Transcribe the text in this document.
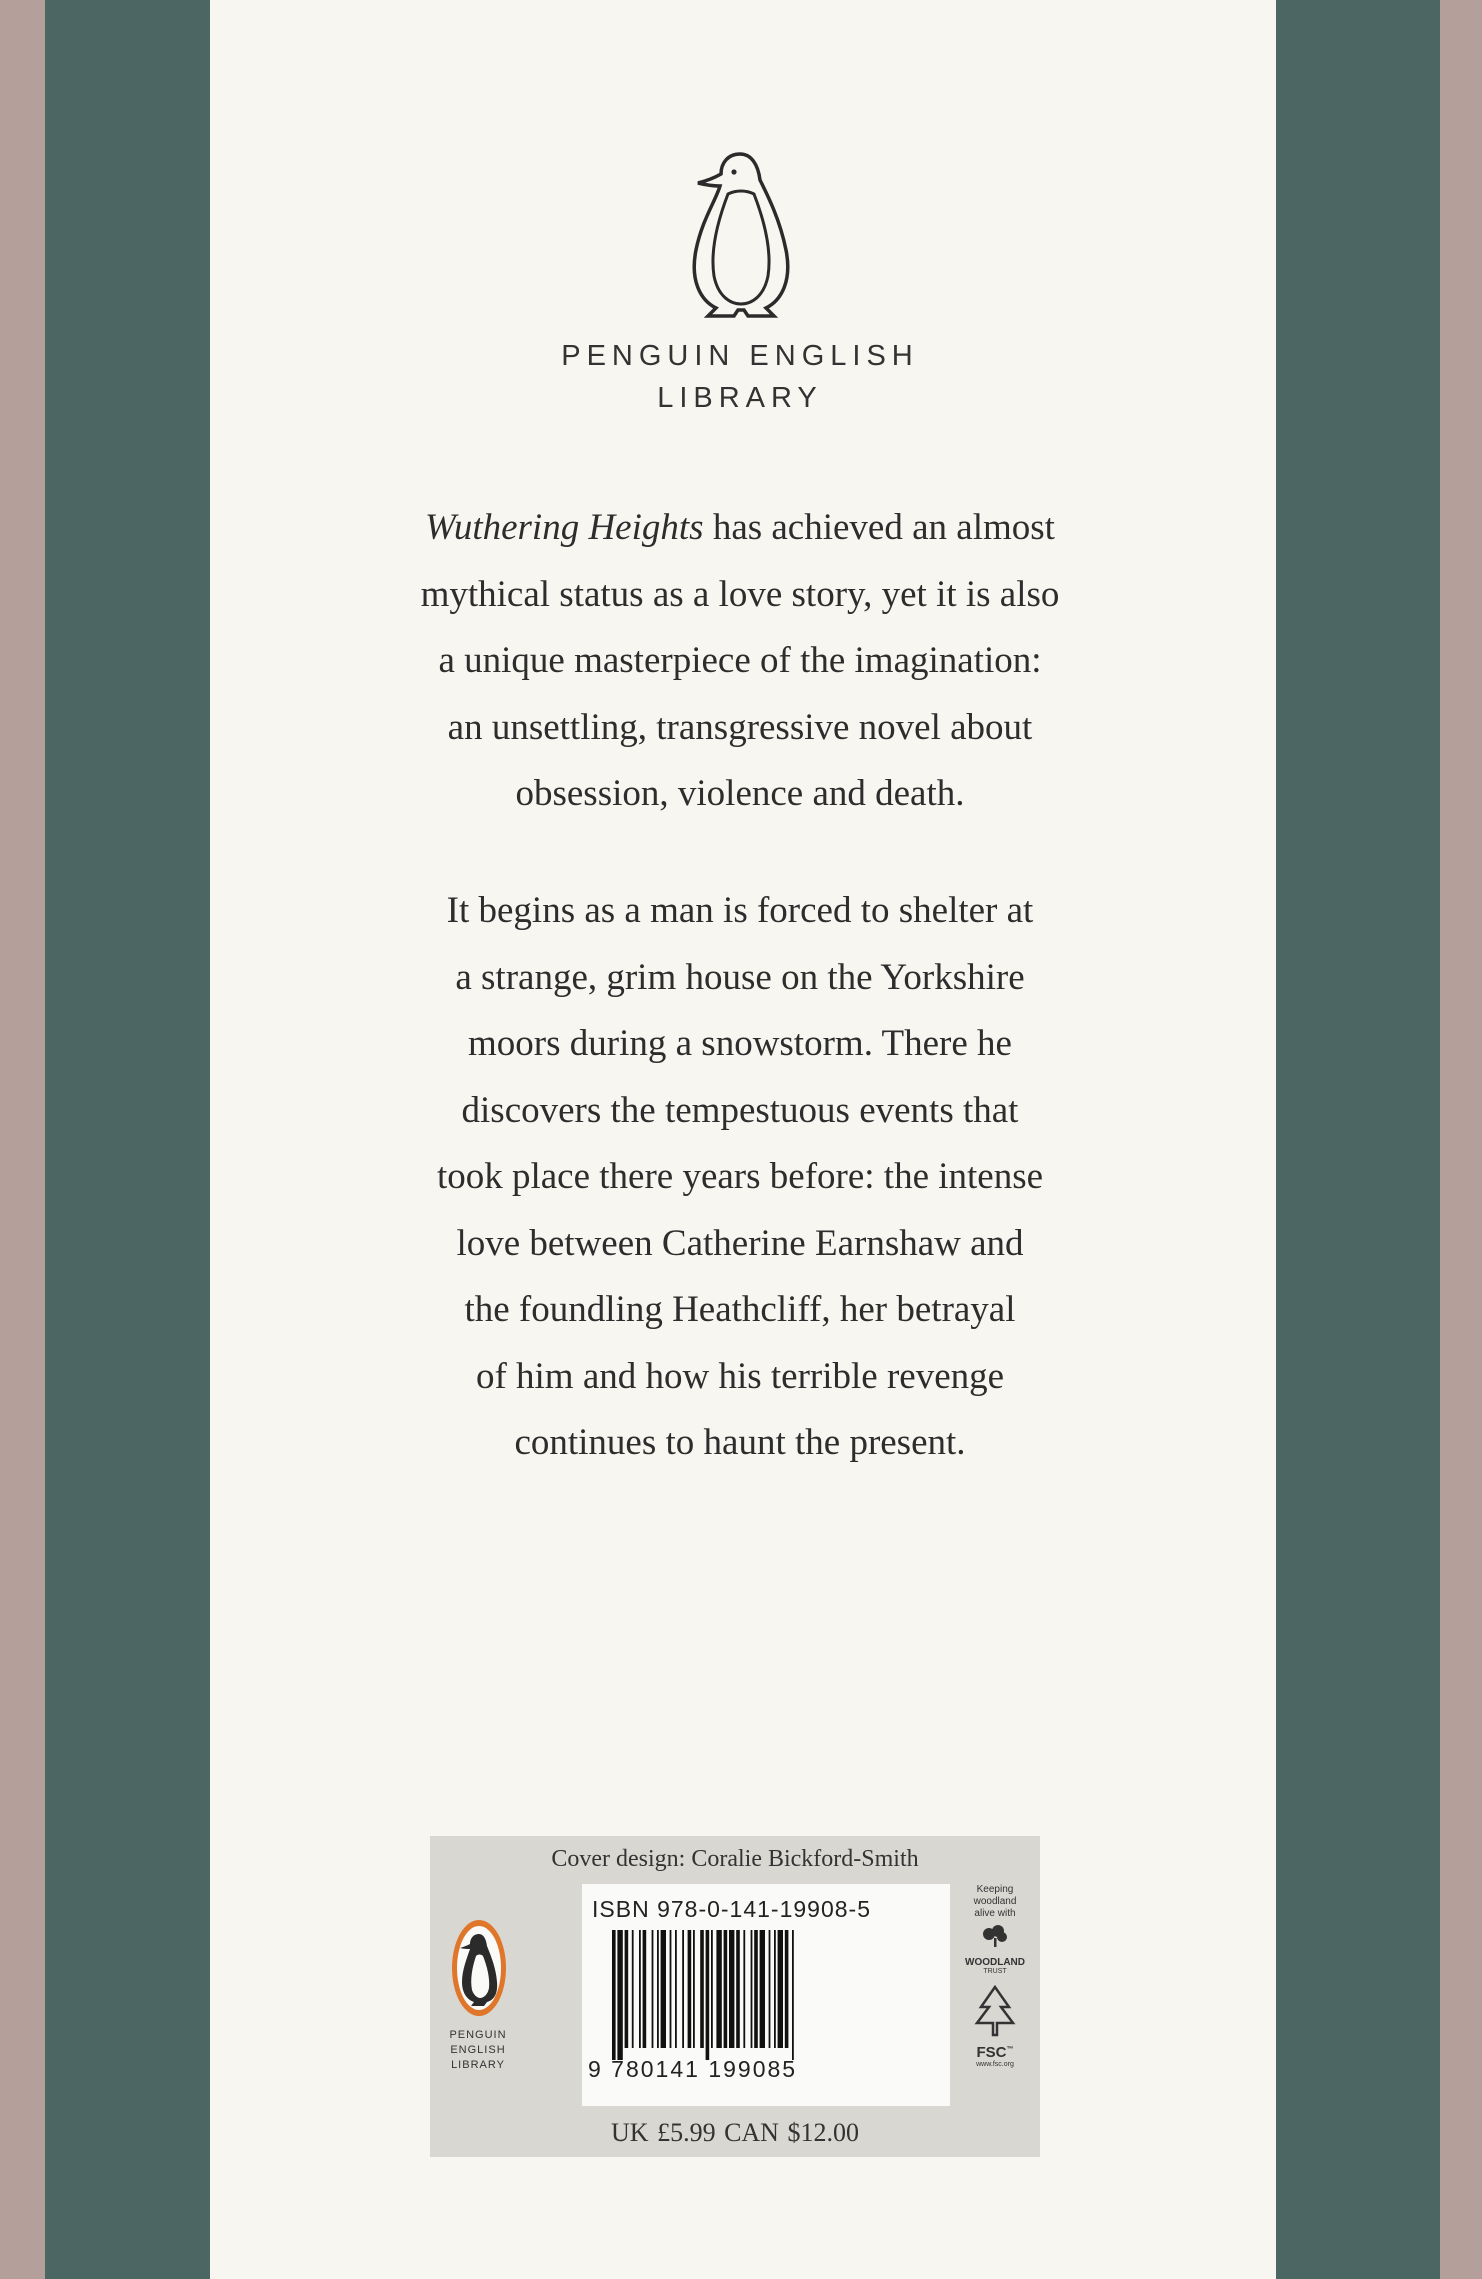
PENGUIN ENGLISH
LIBRARY
Wuthering Heights has achieved an almost
mythical status as a love story, yet it is also
a unique masterpiece of the imagination:
an unsettling, transgressive novel about
obsession, violence and death.
It begins as a man is forced to shelter at
a strange, grim house on the Yorkshire
moors during a snowstorm. There he
discovers the tempestuous events that
took place there years before: the intense
love between Catherine Earnshaw and
the foundling Heathcliff, her betrayal
of him and how his terrible revenge
continues to haunt the present.
Cover design: Coralie Bickford-Smith
PENGUIN
ENGLISH
LIBRARY
ISBN 978-0-141-19908-5
9 780141 199085
Keeping
woodland
alive with
WOODLAND
TRUST
FSC™
www.fsc.org
UK £5.99 CAN $12.00
